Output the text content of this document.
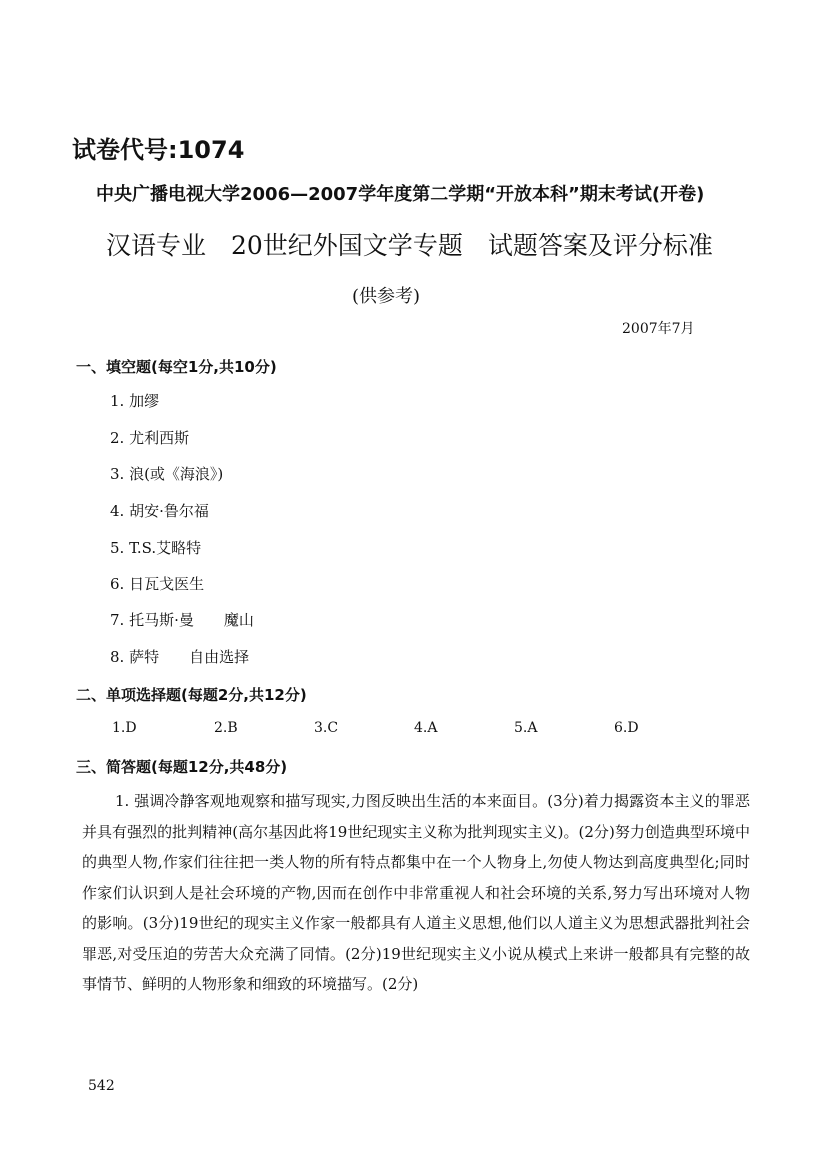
试卷代号:1074
中央广播电视大学2006—2007学年度第二学期“开放本科”期末考试(开卷)
汉语专业　20世纪外国文学专题　试题答案及评分标准
(供参考)
2007年7月
一、填空题(每空1分,共10分)
1. 加缪
2. 尤利西斯
3. 浪(或《海浪》)
4. 胡安·鲁尔福
5. T.S.艾略特
6. 日瓦戈医生
7. 托马斯·曼　　魔山
8. 萨特　　自由选择
二、单项选择题(每题2分,共12分)
1.D	2.B	3.C	4.A	5.A	6.D
三、简答题(每题12分,共48分)

1. 强调冷静客观地观察和描写现实,力图反映出生活的本来面目。(3分)着力揭露资本主义的罪恶并具有强烈的批判精神(高尔基因此将19世纪现实主义称为批判现实主义)。(2分)努力创造典型环境中的典型人物,作家们往往把一类人物的所有特点都集中在一个人物身上,勿使人物达到高度典型化;同时作家们认识到人是社会环境的产物,因而在创作中非常重视人和社会环境的关系,努力写出环境对人物的影响。(3分)19世纪的现实主义作家一般都具有人道主义思想,他们以人道主义为思想武器批判社会罪恶,对受压迫的劳苦大众充满了同情。(2分)19世纪现实主义小说从模式上来讲一般都具有完整的故事情节、鲜明的人物形象和细致的环境描写。(2分)

542
